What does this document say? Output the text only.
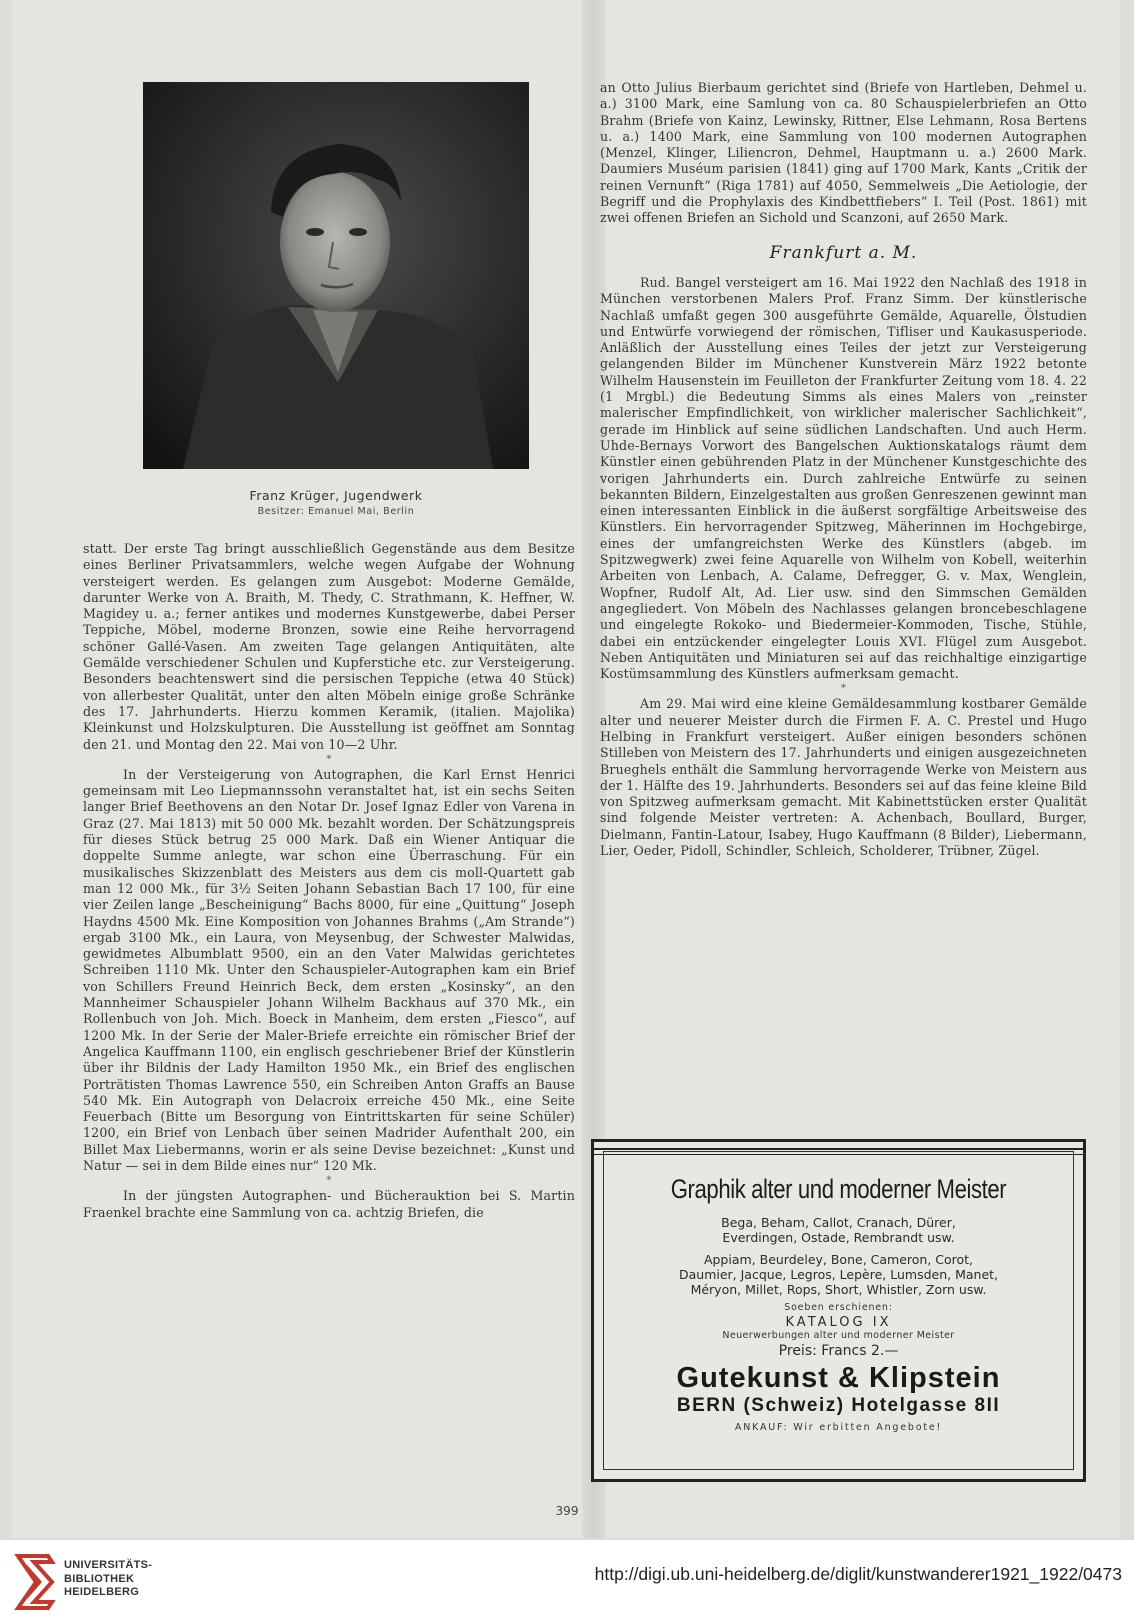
Franz Krüger, Jugendwerk
Besitzer: Emanuel Mai, Berlin

statt. Der erste Tag bringt ausschließlich Gegenstände aus dem Besitze eines Berliner Privatsammlers, welche wegen Aufgabe der Wohnung versteigert werden. Es gelangen zum Ausgebot: Moderne Gemälde, darunter Werke von A. Braith, M. Thedy, C. Strathmann, K. Heffner, W. Magidey u. a.; ferner antikes und modernes Kunstgewerbe, dabei Perser Teppiche, Möbel, moderne Bronzen, sowie eine Reihe hervorragend schöner Gallé-Vasen. Am zweiten Tage gelangen Antiquitäten, alte Gemälde verschiedener Schulen und Kupferstiche etc. zur Versteigerung. Besonders beachtenswert sind die persischen Teppiche (etwa 40 Stück) von allerbester Qualität, unter den alten Möbeln einige große Schränke des 17. Jahrhunderts. Hierzu kommen Keramik, (italien. Majolika) Kleinkunst und Holzskulpturen. Die Ausstellung ist geöffnet am Sonntag den 21. und Montag den 22. Mai von 10—2 Uhr.

*

In der Versteigerung von Autographen, die Karl Ernst Henrici gemeinsam mit Leo Liepmannssohn veranstaltet hat, ist ein sechs Seiten langer Brief Beethovens an den Notar Dr. Josef Ignaz Edler von Varena in Graz (27. Mai 1813) mit 50 000 Mk. bezahlt worden. Der Schätzungspreis für dieses Stück betrug 25 000 Mark. Daß ein Wiener Antiquar die doppelte Summe anlegte, war schon eine Überraschung. Für ein musikalisches Skizzenblatt des Meisters aus dem cis moll-Quartett gab man 12 000 Mk., für 3½ Seiten Johann Sebastian Bach 17 100, für eine vier Zeilen lange „Bescheinigung“ Bachs 8000, für eine „Quittung“ Joseph Haydns 4500 Mk. Eine Komposition von Johannes Brahms („Am Strande“) ergab 3100 Mk., ein Laura, von Meysenbug, der Schwester Malwidas, gewidmetes Albumblatt 9500, ein an den Vater Malwidas gerichtetes Schreiben 1110 Mk. Unter den Schauspieler-Autographen kam ein Brief von Schillers Freund Heinrich Beck, dem ersten „Kosinsky“, an den Mannheimer Schauspieler Johann Wilhelm Backhaus auf 370 Mk., ein Rollenbuch von Joh. Mich. Boeck in Manheim, dem ersten „Fiesco“, auf 1200 Mk. In der Serie der Maler-Briefe erreichte ein römischer Brief der Angelica Kauffmann 1100, ein englisch geschriebener Brief der Künstlerin über ihr Bildnis der Lady Hamilton 1950 Mk., ein Brief des englischen Porträtisten Thomas Lawrence 550, ein Schreiben Anton Graffs an Bause 540 Mk. Ein Autograph von Delacroix erreiche 450 Mk., eine Seite Feuerbach (Bitte um Besorgung von Eintrittskarten für seine Schüler) 1200, ein Brief von Lenbach über seinen Madrider Aufenthalt 200, ein Billet Max Liebermanns, worin er als seine Devise bezeichnet: „Kunst und Natur — sei in dem Bilde eines nur“ 120 Mk.

*

In der jüngsten Autographen- und Bücherauktion bei S. Martin Fraenkel brachte eine Sammlung von ca. achtzig Briefen, die

an Otto Julius Bierbaum gerichtet sind (Briefe von Hartleben, Dehmel u. a.) 3100 Mark, eine Samlung von ca. 80 Schauspielerbriefen an Otto Brahm (Briefe von Kainz, Lewinsky, Rittner, Else Lehmann, Rosa Bertens u. a.) 1400 Mark, eine Sammlung von 100 modernen Autographen (Menzel, Klinger, Liliencron, Dehmel, Hauptmann u. a.) 2600 Mark. Daumiers Muséum parisien (1841) ging auf 1700 Mark, Kants „Critik der reinen Vernunft“ (Riga 1781) auf 4050, Semmelweis „Die Aetiologie, der Begriff und die Prophylaxis des Kindbettfiebers“ I. Teil (Post. 1861) mit zwei offenen Briefen an Sichold und Scanzoni, auf 2650 Mark.

Frankfurt a. M.

Rud. Bangel versteigert am 16. Mai 1922 den Nachlaß des 1918 in München verstorbenen Malers Prof. Franz Simm. Der künstlerische Nachlaß umfaßt gegen 300 ausgeführte Gemälde, Aquarelle, Ölstudien und Entwürfe vorwiegend der römischen, Tifliser und Kaukasusperiode. Anläßlich der Ausstellung eines Teiles der jetzt zur Versteigerung gelangenden Bilder im Münchener Kunstverein März 1922 betonte Wilhelm Hausenstein im Feuilleton der Frankfurter Zeitung vom 18. 4. 22 (1 Mrgbl.) die Bedeutung Simms als eines Malers von „reinster malerischer Empfindlichkeit, von wirklicher malerischer Sachlichkeit“, gerade im Hinblick auf seine südlichen Landschaften. Und auch Herm. Uhde-Bernays Vorwort des Bangelschen Auktionskatalogs räumt dem Künstler einen gebührenden Platz in der Münchener Kunstgeschichte des vorigen Jahrhunderts ein. Durch zahlreiche Entwürfe zu seinen bekannten Bildern, Einzelgestalten aus großen Genreszenen gewinnt man einen interessanten Einblick in die äußerst sorgfältige Arbeitsweise des Künstlers. Ein hervorragender Spitzweg, Mäherinnen im Hochgebirge, eines der umfangreichsten Werke des Künstlers (abgeb. im Spitzwegwerk) zwei feine Aquarelle von Wilhelm von Kobell, weiterhin Arbeiten von Lenbach, A. Calame, Defregger, G. v. Max, Wenglein, Wopfner, Rudolf Alt, Ad. Lier usw. sind den Simmschen Gemälden angegliedert. Von Möbeln des Nachlasses gelangen broncebeschlagene und eingelegte Rokoko- und Biedermeier-Kommoden, Tische, Stühle, dabei ein entzückender eingelegter Louis XVI. Flügel zum Ausgebot. Neben Antiquitäten und Miniaturen sei auf das reichhaltige einzigartige Kostümsammlung des Künstlers aufmerksam gemacht.

*

Am 29. Mai wird eine kleine Gemäldesammlung kostbarer Gemälde alter und neuerer Meister durch die Firmen F. A. C. Prestel und Hugo Helbing in Frankfurt versteigert. Außer einigen besonders schönen Stilleben von Meistern des 17. Jahrhunderts und einigen ausgezeichneten Brueghels enthält die Sammlung hervorragende Werke von Meistern aus der 1. Hälfte des 19. Jahrhunderts. Besonders sei auf das feine kleine Bild von Spitzweg aufmerksam gemacht. Mit Kabinettstücken erster Qualität sind folgende Meister vertreten: A. Achenbach, Boullard, Burger, Dielmann, Fantin-Latour, Isabey, Hugo Kauffmann (8 Bilder), Liebermann, Lier, Oeder, Pidoll, Schindler, Schleich, Scholderer, Trübner, Zügel.

Graphik alter und moderner Meister
Bega, Beham, Callot, Cranach, Dürer,
Everdingen, Ostade, Rembrandt usw.
Appiam, Beurdeley, Bone, Cameron, Corot,
Daumier, Jacque, Legros, Lepère, Lumsden, Manet,
Méryon, Millet, Rops, Short, Whistler, Zorn usw.
Soeben erschienen:
KATALOG IX
Neuerwerbungen alter und moderner Meister
Preis: Francs 2.—
Gutekunst & Klipstein
BERN (Schweiz) Hotelgasse 8II
ANKAUF: Wir erbitten Angebote!
399
UNIVERSITÄTS-
BIBLIOTHEK
HEIDELBERG
http://digi.ub.uni-heidelberg.de/diglit/kunstwanderer1921_1922/0473
